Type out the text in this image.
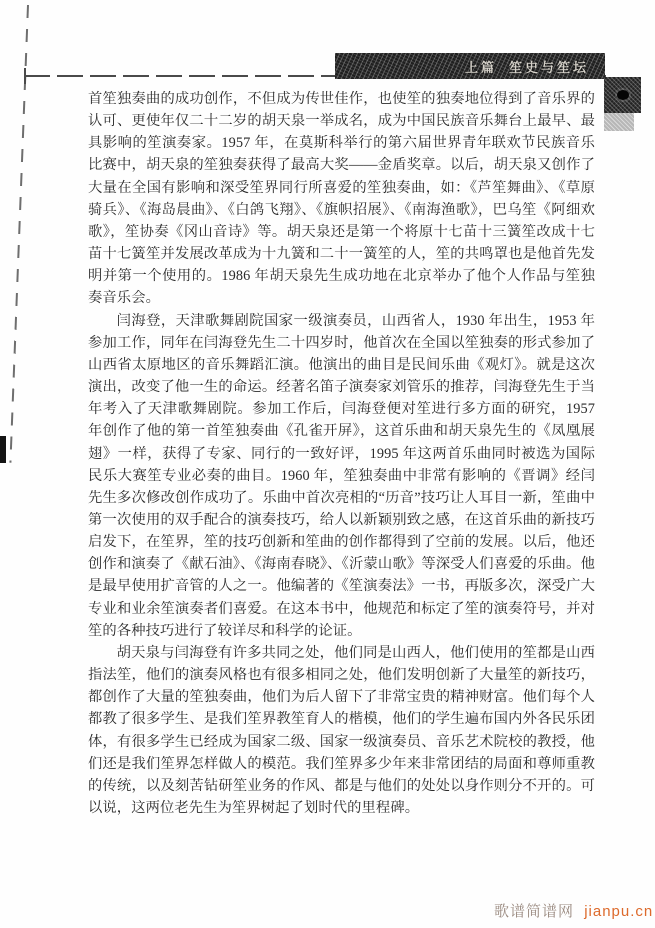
上篇 笙史与笙坛

首笙独奏曲的成功创作，不但成为传世佳作，也使笙的独奏地位得到了音乐界的认可、更使年仅二十二岁的胡天泉一举成名，成为中国民族音乐舞台上最早、最具影响的笙演奏家。1957 年，在莫斯科举行的第六届世界青年联欢节民族音乐比赛中，胡天泉的笙独奏获得了最高大奖——金盾奖章。以后，胡天泉又创作了大量在全国有影响和深受笙界同行所喜爱的笙独奏曲，如：《芦笙舞曲》、《草原骑兵》、《海岛晨曲》、《白鸽飞翔》、《旗帜招展》、《南海渔歌》，巴乌笙《阿细欢歌》，笙协奏《冈山音诗》等。胡天泉还是第一个将原十七苗十三簧笙改成十七苗十七簧笙并发展改革成为十九簧和二十一簧笙的人，笙的共鸣罩也是他首先发明并第一个使用的。1986 年胡天泉先生成功地在北京举办了他个人作品与笙独奏音乐会。

闫海登，天津歌舞剧院国家一级演奏员，山西省人，1930 年出生，1953 年参加工作，同年在闫海登先生二十四岁时，他首次在全国以笙独奏的形式参加了山西省太原地区的音乐舞蹈汇演。他演出的曲目是民间乐曲《观灯》。就是这次演出，改变了他一生的命运。经著名笛子演奏家刘管乐的推荐，闫海登先生于当年考入了天津歌舞剧院。参加工作后，闫海登便对笙进行多方面的研究，1957 年创作了他的第一首笙独奏曲《孔雀开屏》，这首乐曲和胡天泉先生的《凤凰展翅》一样，获得了专家、同行的一致好评，1995 年这两首乐曲同时被选为国际民乐大赛笙专业必奏的曲目。1960 年，笙独奏曲中非常有影响的《晋调》经闫先生多次修改创作成功了。乐曲中首次亮相的“历音”技巧让人耳目一新，笙曲中第一次使用的双手配合的演奏技巧，给人以新颖别致之感，在这首乐曲的新技巧启发下，在笙界，笙的技巧创新和笙曲的创作都得到了空前的发展。以后，他还创作和演奏了《献石油》、《海南春晓》、《沂蒙山歌》等深受人们喜爱的乐曲。他是最早使用扩音管的人之一。他编著的《笙演奏法》一书，再版多次，深受广大专业和业余笙演奏者们喜爱。在这本书中，他规范和标定了笙的演奏符号，并对笙的各种技巧进行了较详尽和科学的论证。

胡天泉与闫海登有许多共同之处，他们同是山西人，他们使用的笙都是山西指法笙，他们的演奏风格也有很多相同之处，他们发明创新了大量笙的新技巧，都创作了大量的笙独奏曲，他们为后人留下了非常宝贵的精神财富。他们每个人都教了很多学生、是我们笙界教笙育人的楷模，他们的学生遍布国内外各民乐团体，有很多学生已经成为国家二级、国家一级演奏员、音乐艺术院校的教授，他们还是我们笙界怎样做人的模范。我们笙界多少年来非常团结的局面和尊师重教的传统，以及刻苦钻研笙业务的作风、都是与他们的处处以身作则分不开的。可以说，这两位老先生为笙界树起了划时代的里程碑。

歌谱简谱网 jianpu.cn
